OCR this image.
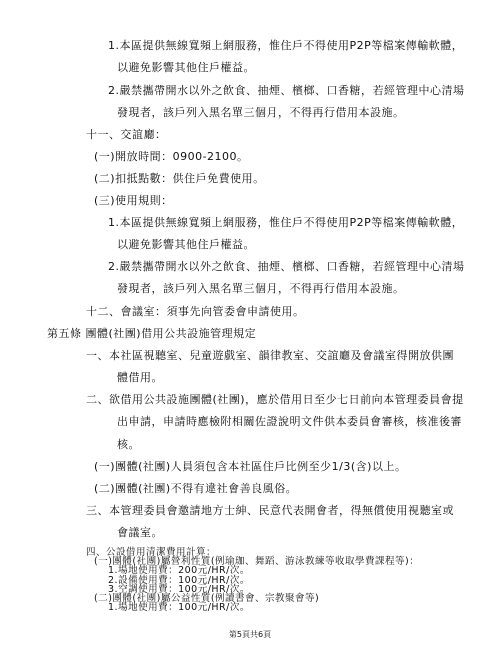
1.本區提供無線寬頻上網服務，惟住戶不得使用P2P等檔案傳輸軟體，
以避免影響其他住戶權益。
2.嚴禁攜帶開水以外之飲食、抽煙、檳榔、口香糖，若經管理中心清場
發現者，該戶列入黑名單三個月，不得再行借用本設施。
十一、交誼廳：
(一)開放時間：0900-2100。
(二)扣抵點數：供住戶免費使用。
(三)使用規則：
1.本區提供無線寬頻上網服務，惟住戶不得使用P2P等檔案傳輸軟體，
以避免影響其他住戶權益。
2.嚴禁攜帶開水以外之飲食、抽煙、檳榔、口香糖，若經管理中心清場
發現者，該戶列入黑名單三個月，不得再行借用本設施。
十二、會議室：須事先向管委會申請使用。
第五條 團體(社團)借用公共設施管理規定
一、本社區視聽室、兒童遊戲室、韻律教室、交誼廳及會議室得開放供團
體借用。
二、欲借用公共設施團體(社團)，應於借用日至少七日前向本管理委員會提
出申請，申請時應檢附相關佐證說明文件供本委員會審核，核准後審
核。
(一)團體(社團)人員須包含本社區住戶比例至少1/3(含)以上。
(二)團體(社團)不得有違社會善良風俗。
三、本管理委員會邀請地方士紳、民意代表開會者，得無償使用視聽室或
會議室。
四、公設借用清潔費用計算：
(一)團體(社團)屬營利性質(例瑜珈、舞蹈、游泳教練等收取學費課程等)：
1.場地使用費：200元/HR/次。
2.設備使用費：100元/HR/次。
3.空調使用費：100元/HR/次。
(二)團體(社團)屬公益性質(例讀書會、宗教聚會等)
1.場地使用費：100元/HR/次。
第5頁共6頁
